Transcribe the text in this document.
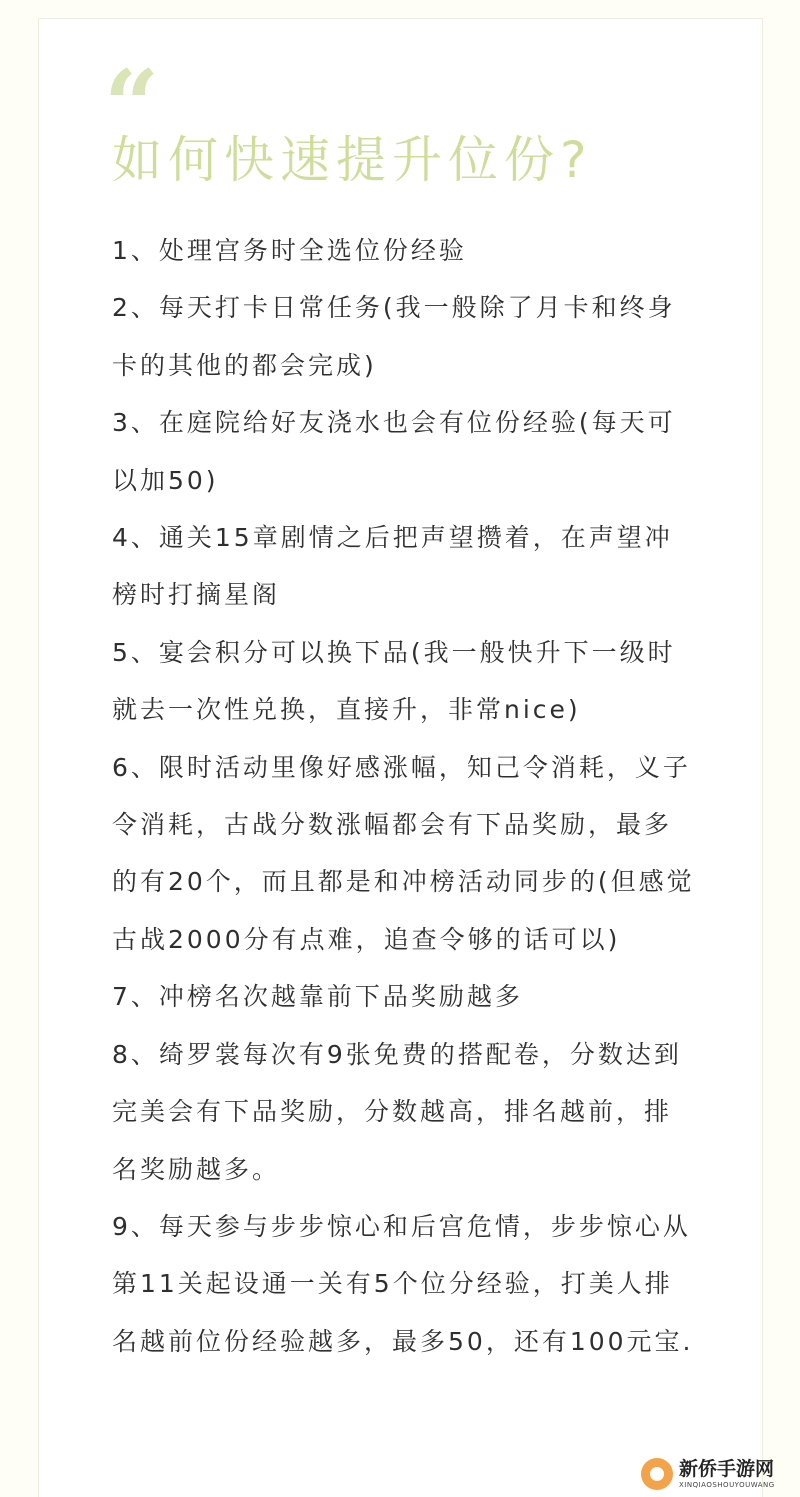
“
如何快速提升位份?

1、处理宫务时全选位份经验

2、每天打卡日常任务(我一般除了月卡和终身卡的其他的都会完成)

3、在庭院给好友浇水也会有位份经验(每天可以加50)

4、通关15章剧情之后把声望攒着，在声望冲榜时打摘星阁

5、宴会积分可以换下品(我一般快升下一级时就去一次性兑换，直接升，非常nice)

6、限时活动里像好感涨幅，知己令消耗，义子令消耗，古战分数涨幅都会有下品奖励，最多的有20个，而且都是和冲榜活动同步的(但感觉古战2000分有点难，追查令够的话可以)

7、冲榜名次越靠前下品奖励越多

8、绮罗裳每次有9张免费的搭配卷，分数达到完美会有下品奖励，分数越高，排名越前，排名奖励越多。

9、每天参与步步惊心和后宫危情，步步惊心从第11关起设通一关有5个位分经验，打美人排名越前位份经验越多，最多50，还有100元宝.

新侨手游网
XINQIAOSHOUYOUWANG
